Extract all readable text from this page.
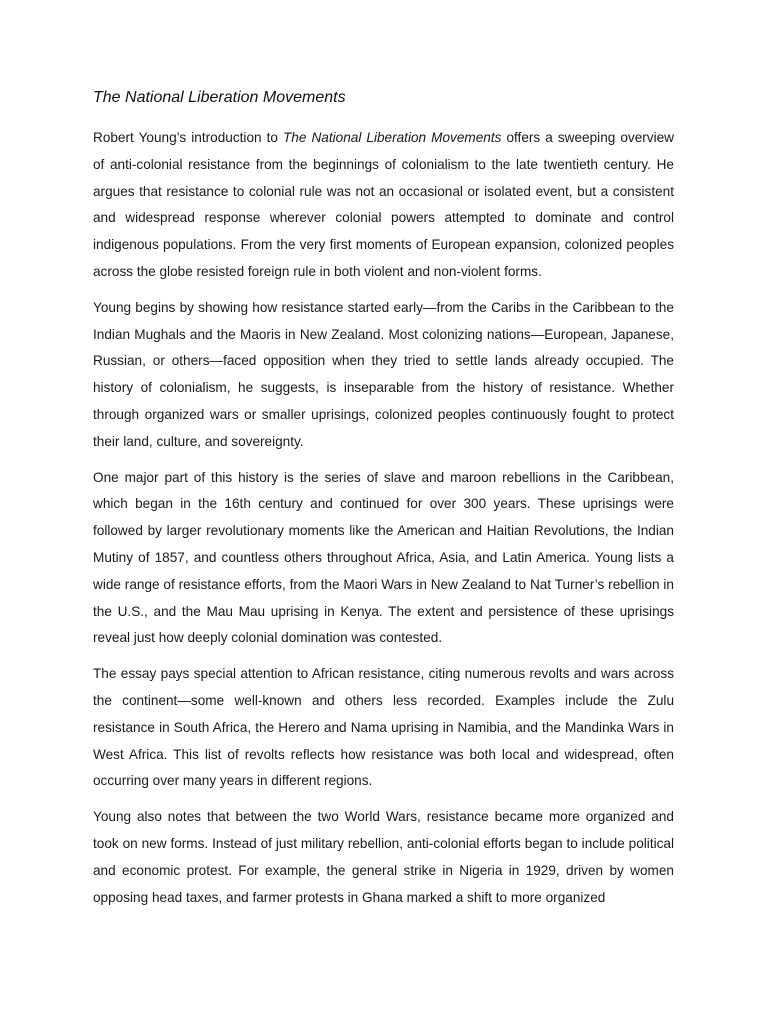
The National Liberation Movements

Robert Young’s introduction to The National Liberation Movements offers a sweeping overview of anti-colonial resistance from the beginnings of colonialism to the late twentieth century. He argues that resistance to colonial rule was not an occasional or isolated event, but a consistent and widespread response wherever colonial powers attempted to dominate and control indigenous populations. From the very first moments of European expansion, colonized peoples across the globe resisted foreign rule in both violent and non-violent forms.

Young begins by showing how resistance started early—from the Caribs in the Caribbean to the Indian Mughals and the Maoris in New Zealand. Most colonizing nations—European, Japanese, Russian, or others—faced opposition when they tried to settle lands already occupied. The history of colonialism, he suggests, is inseparable from the history of resistance. Whether through organized wars or smaller uprisings, colonized peoples continuously fought to protect their land, culture, and sovereignty.

One major part of this history is the series of slave and maroon rebellions in the Caribbean, which began in the 16th century and continued for over 300 years. These uprisings were followed by larger revolutionary moments like the American and Haitian Revolutions, the Indian Mutiny of 1857, and countless others throughout Africa, Asia, and Latin America. Young lists a wide range of resistance efforts, from the Maori Wars in New Zealand to Nat Turner’s rebellion in the U.S., and the Mau Mau uprising in Kenya. The extent and persistence of these uprisings reveal just how deeply colonial domination was contested.

The essay pays special attention to African resistance, citing numerous revolts and wars across the continent—some well-known and others less recorded. Examples include the Zulu resistance in South Africa, the Herero and Nama uprising in Namibia, and the Mandinka Wars in West Africa. This list of revolts reflects how resistance was both local and widespread, often occurring over many years in different regions.

Young also notes that between the two World Wars, resistance became more organized and took on new forms. Instead of just military rebellion, anti-colonial efforts began to include political and economic protest. For example, the general strike in Nigeria in 1929, driven by women opposing head taxes, and farmer protests in Ghana marked a shift to more organized
